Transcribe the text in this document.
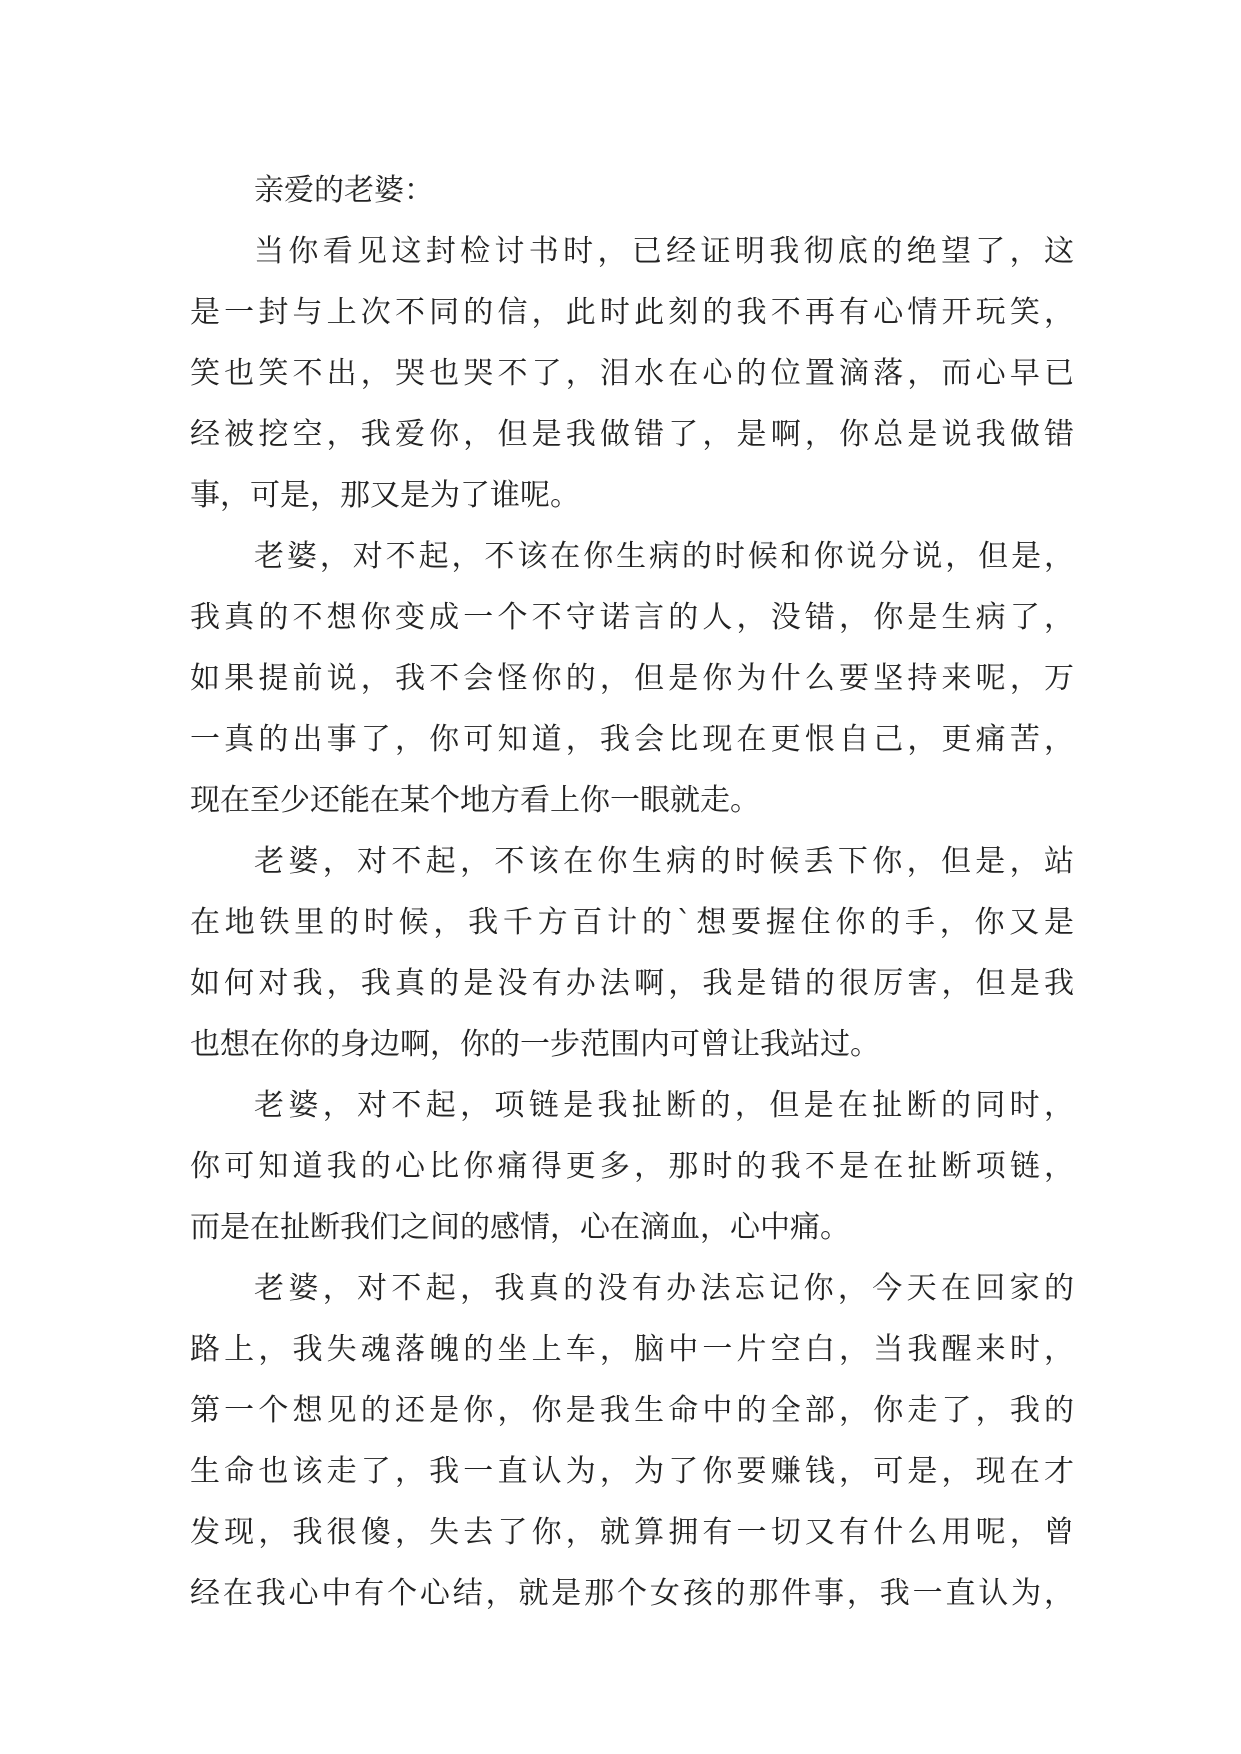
亲爱的老婆：
当你看见这封检讨书时，已经证明我彻底的绝望了，这
是一封与上次不同的信，此时此刻的我不再有心情开玩笑，
笑也笑不出，哭也哭不了，泪水在心的位置滴落，而心早已
经被挖空，我爱你，但是我做错了，是啊，你总是说我做错
事，可是，那又是为了谁呢。
老婆，对不起，不该在你生病的时候和你说分说，但是，
我真的不想你变成一个不守诺言的人，没错，你是生病了，
如果提前说，我不会怪你的，但是你为什么要坚持来呢，万
一真的出事了，你可知道，我会比现在更恨自己，更痛苦，
现在至少还能在某个地方看上你一眼就走。
老婆，对不起，不该在你生病的时候丢下你，但是，站
在地铁里的时候，我千方百计的`想要握住你的手，你又是
如何对我，我真的是没有办法啊，我是错的很厉害，但是我
也想在你的身边啊，你的一步范围内可曾让我站过。
老婆，对不起，项链是我扯断的，但是在扯断的同时，
你可知道我的心比你痛得更多，那时的我不是在扯断项链，
而是在扯断我们之间的感情，心在滴血，心中痛。
老婆，对不起，我真的没有办法忘记你，今天在回家的
路上，我失魂落魄的坐上车，脑中一片空白，当我醒来时，
第一个想见的还是你，你是我生命中的全部，你走了，我的
生命也该走了，我一直认为，为了你要赚钱，可是，现在才
发现，我很傻，失去了你，就算拥有一切又有什么用呢，曾
经在我心中有个心结，就是那个女孩的那件事，我一直认为，
